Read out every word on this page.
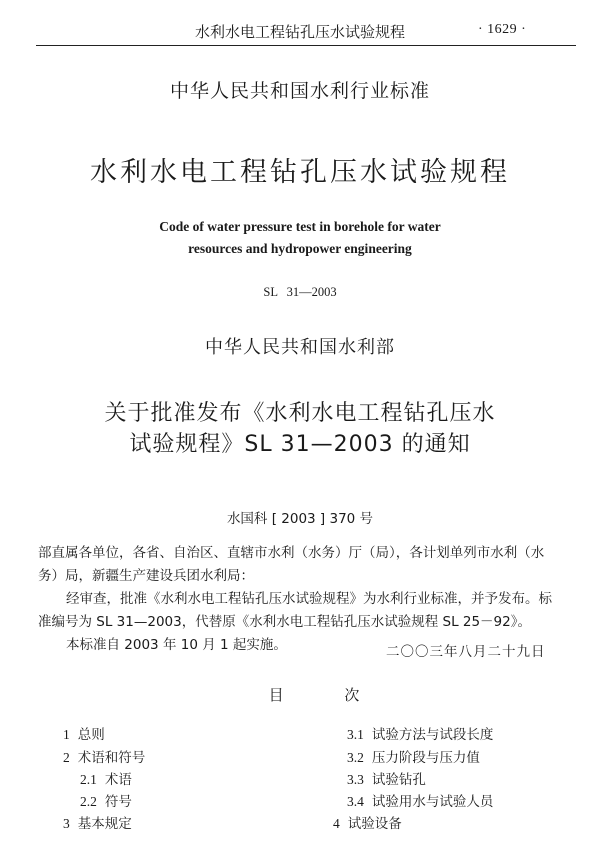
水利水电工程钻孔压水试验规程	· 1629 ·
中华人民共和国水利行业标准
水利水电工程钻孔压水试验规程
Code of water pressure test in borehole for water
resources and hydropower engineering
SL 31—2003
中华人民共和国水利部
关于批准发布《水利水电工程钻孔压水
试验规程》SL 31—2003 的通知
水国科 [ 2003 ] 370 号
部直属各单位，各省、自治区、直辖市水利（水务）厅（局），各计划单列市水利（水
务）局，新疆生产建设兵团水利局：
经审查，批准《水利水电工程钻孔压水试验规程》为水利行业标准，并予发布。标
准编号为 SL 31—2003，代替原《水利水电工程钻孔压水试验规程 SL 25－92》。
本标准自 2003 年 10 月 1 起实施。	二〇〇三年八月二十九日
目 次
1 总则
2 术语和符号
2.1 术语
2.2 符号
3 基本规定
3.1 试验方法与试段长度
3.2 压力阶段与压力值
3.3 试验钻孔
3.4 试验用水与试验人员
4 试验设备
